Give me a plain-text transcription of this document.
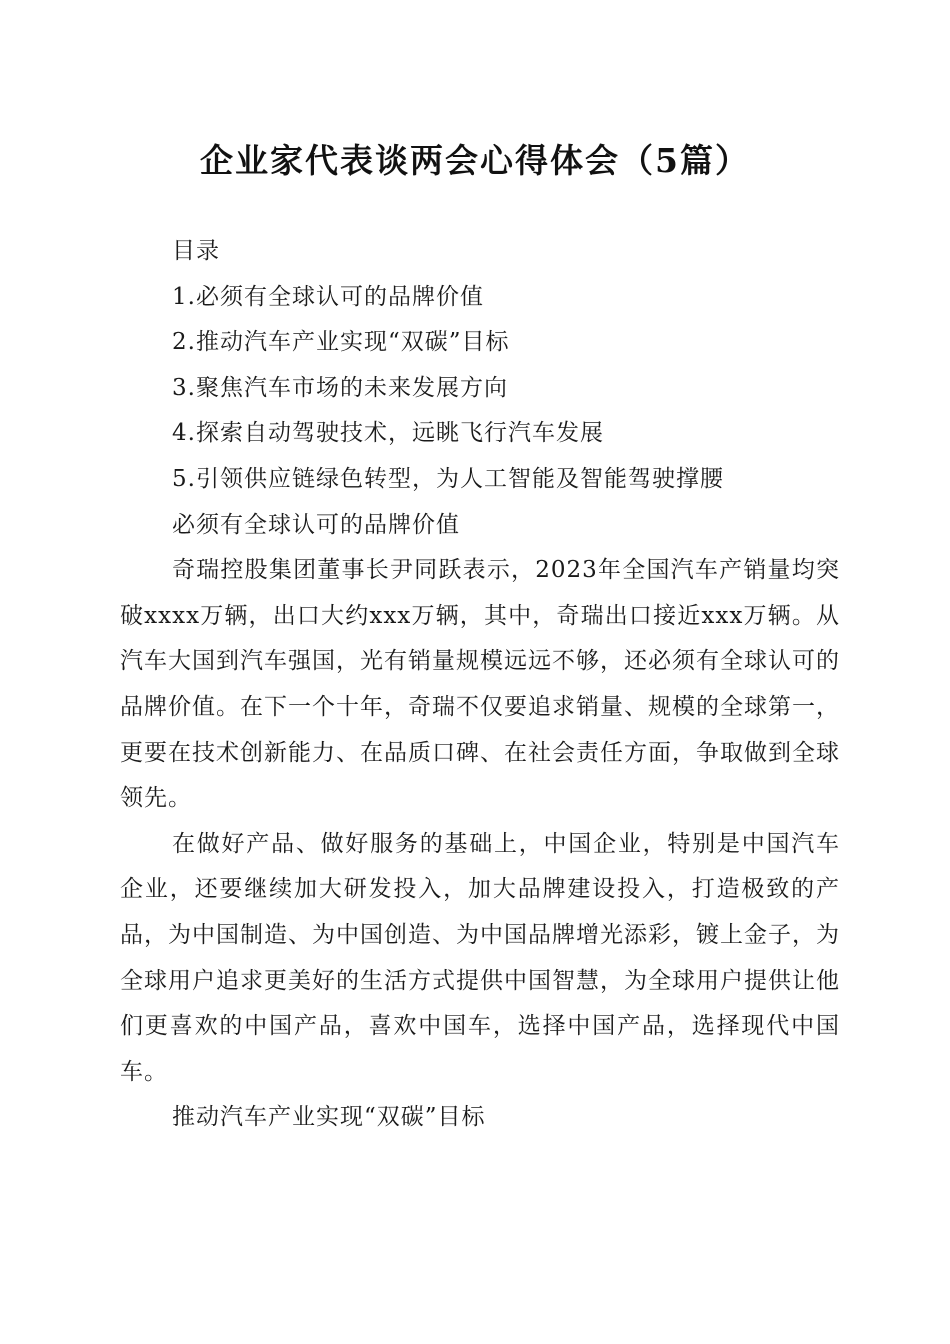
企业家代表谈两会心得体会（5篇）

目录

1.必须有全球认可的品牌价值

2.推动汽车产业实现“双碳”目标

3.聚焦汽车市场的未来发展方向

4.探索自动驾驶技术，远眺飞行汽车发展

5.引领供应链绿色转型，为人工智能及智能驾驶撑腰

必须有全球认可的品牌价值

奇瑞控股集团董事长尹同跃表示，2023年全国汽车产销量均突破xxxx万辆，出口大约xxx万辆，其中，奇瑞出口接近xxx万辆。从汽车大国到汽车强国，光有销量规模远远不够，还必须有全球认可的品牌价值。在下一个十年，奇瑞不仅要追求销量、规模的全球第一，更要在技术创新能力、在品质口碑、在社会责任方面，争取做到全球领先。

在做好产品、做好服务的基础上，中国企业，特别是中国汽车企业，还要继续加大研发投入，加大品牌建设投入，打造极致的产品，为中国制造、为中国创造、为中国品牌增光添彩，镀上金子，为全球用户追求更美好的生活方式提供中国智慧，为全球用户提供让他们更喜欢的中国产品，喜欢中国车，选择中国产品，选择现代中国车。

推动汽车产业实现“双碳”目标
